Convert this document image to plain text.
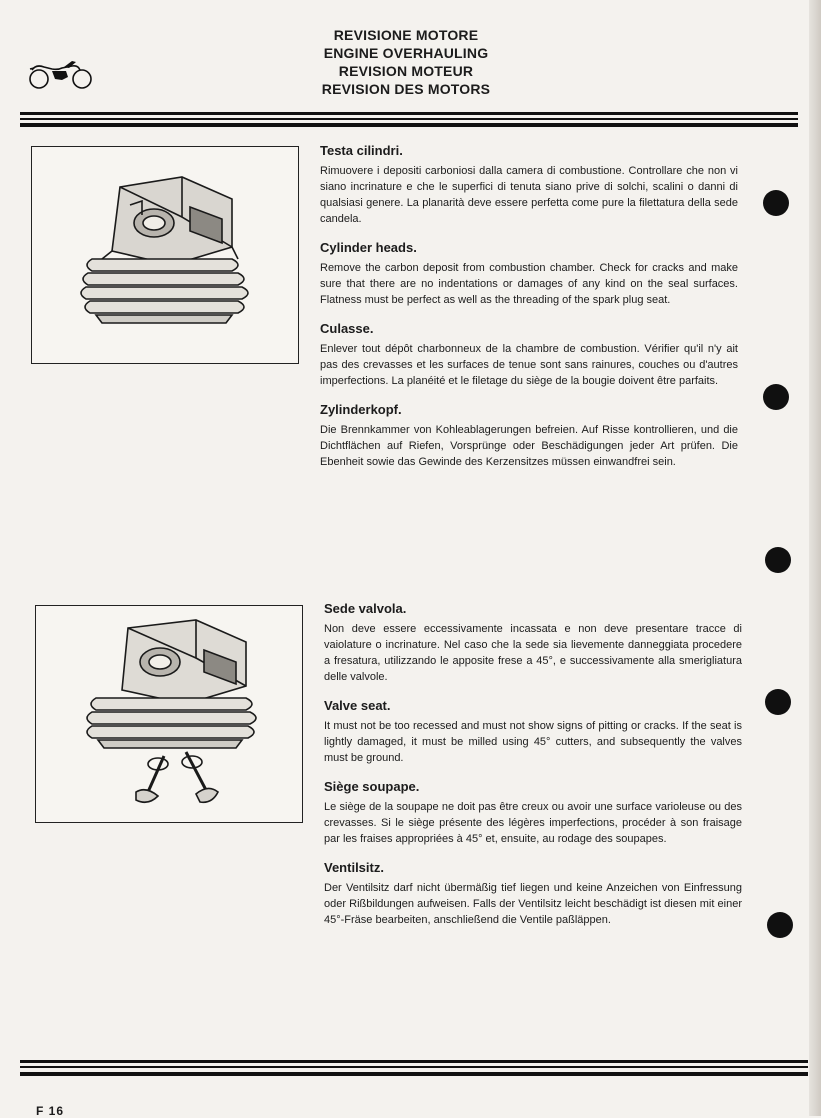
REVISIONE MOTORE
ENGINE OVERHAULING
REVISION MOTEUR
REVISION DES MOTORS
Testa cilindri.

Rimuovere i depositi carboniosi dalla camera di combustione. Controllare che non vi siano incrinature e che le superfici di tenuta siano prive di solchi, scalini o danni di qualsiasi genere. La planarità deve essere perfetta come pure la filettatura della sede candela.

Cylinder heads.

Remove the carbon deposit from combustion chamber. Check for cracks and make sure that there are no indentations or damages of any kind on the seal surfaces. Flatness must be perfect as well as the threading of the spark plug seat.

Culasse.

Enlever tout dépôt charbonneux de la chambre de combustion. Vérifier qu'il n'y ait pas des crevasses et les surfaces de tenue sont sans rainures, couches ou d'autres imperfections. La planéité et le filetage du siège de la bougie doivent être parfaits.

Zylinderkopf.

Die Brennkammer von Kohleablagerungen befreien. Auf Risse kontrollieren, und die Dichtflächen auf Riefen, Vorsprünge oder Beschädigungen jeder Art prüfen. Die Ebenheit sowie das Gewinde des Kerzensitzes müssen einwandfrei sein.

Sede valvola.

Non deve essere eccessivamente incassata e non deve presentare tracce di vaiolature o incrinature. Nel caso che la sede sia lievemente danneggiata procedere a fresatura, utilizzando le apposite frese a 45°, e successivamente alla smerigliatura delle valvole.

Valve seat.

It must not be too recessed and must not show signs of pitting or cracks. If the seat is lightly damaged, it must be milled using 45° cutters, and subsequently the valves must be ground.

Siège soupape.

Le siège de la soupape ne doit pas être creux ou avoir une surface varioleuse ou des crevasses. Si le siège présente des légères imperfections, procéder à son fraisage par les fraises appropriées à 45° et, ensuite, au rodage des soupapes.

Ventilsitz.

Der Ventilsitz darf nicht übermäßig tief liegen und keine Anzeichen von Einfressung oder Rißbildungen aufweisen. Falls der Ventilsitz leicht beschädigt ist diesen mit einer 45°-Fräse bearbeiten, anschließend die Ventile paßläppen.

F 16
